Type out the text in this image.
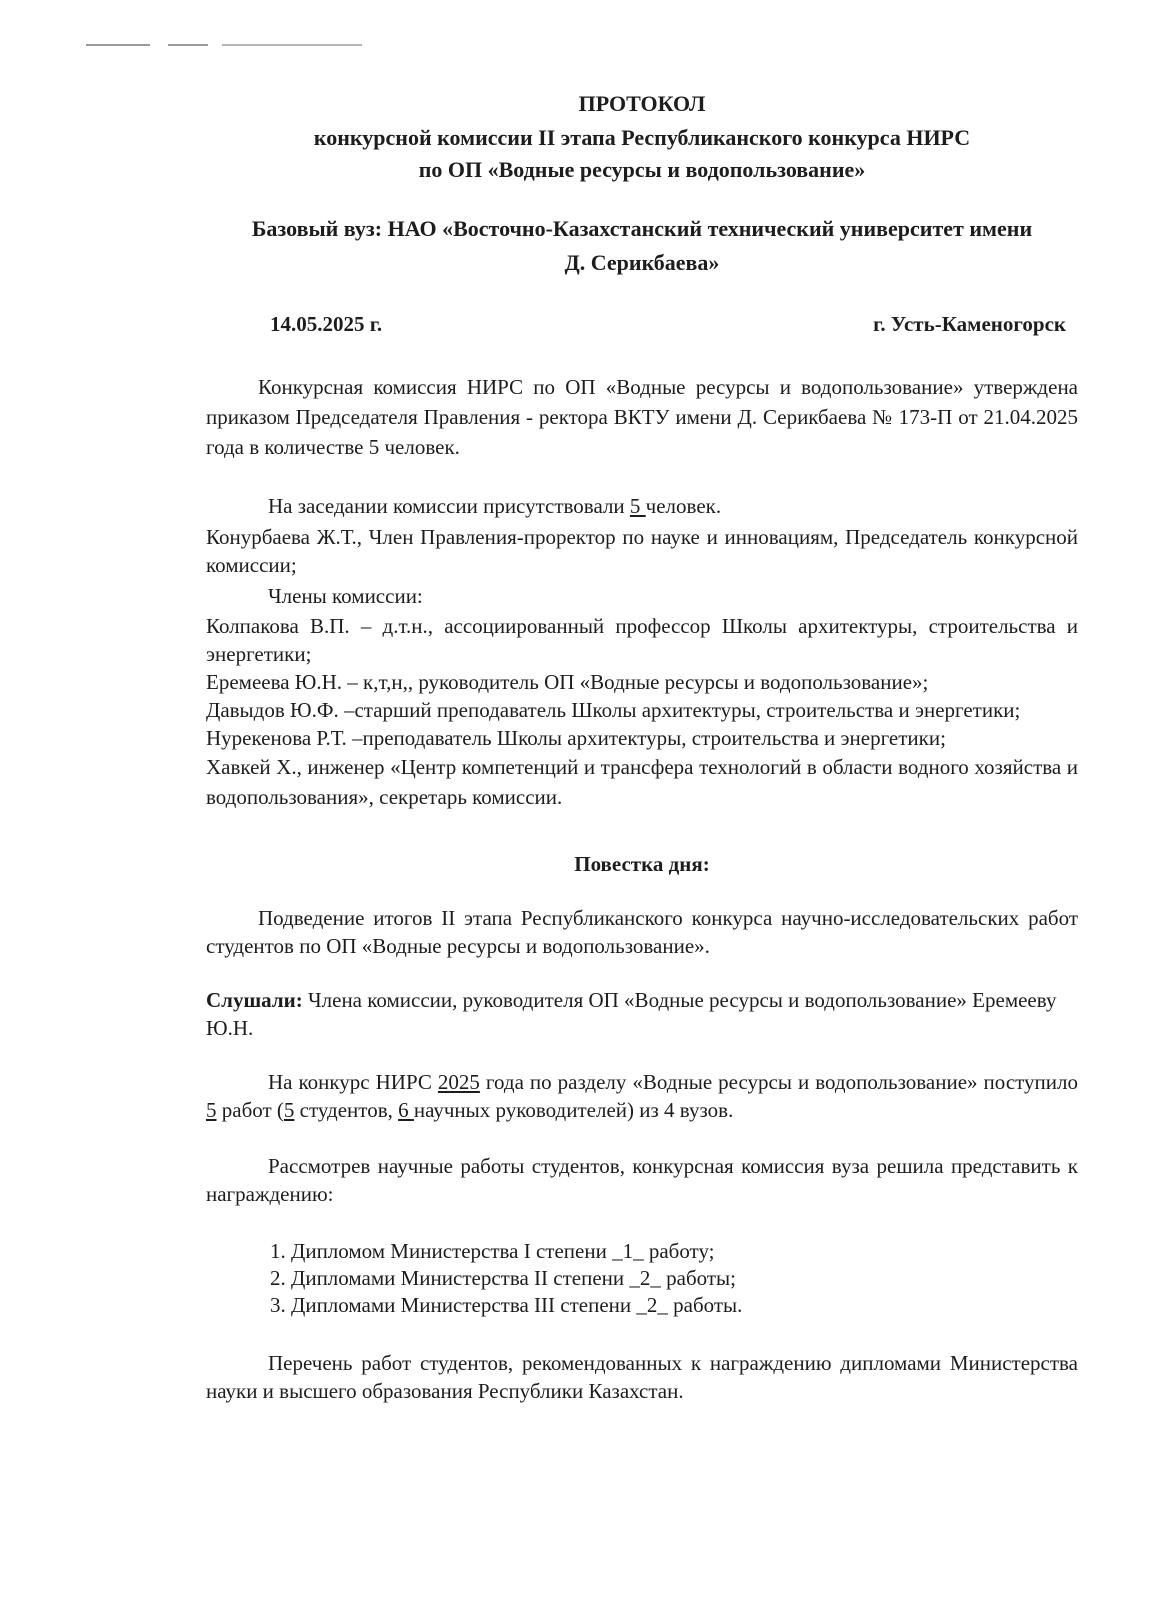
ПРОТОКОЛ
конкурсной комиссии II этапа Республиканского конкурса НИРС
по ОП «Водные ресурсы и водопользование»
Базовый вуз: НАО «Восточно-Казахстанский технический университет имени
Д. Серикбаева»
14.05.2025 г.	г. Усть-Каменогорск

Конкурсная комиссия НИРС по ОП «Водные ресурсы и водопользование» утверждена приказом Председателя Правления - ректора ВКТУ имени Д. Серикбаева № 173-П от 21.04.2025 года в количестве 5 человек.

На заседании комиссии присутствовали 5 человек.

Конурбаева Ж.Т., Член Правления-проректор по науке и инновациям, Председатель конкурсной комиссии;

Члены комиссии:

Колпакова В.П. – д.т.н., ассоциированный профессор Школы архитектуры, строительства и энергетики;

Еремеева Ю.Н. – к,т,н,, руководитель ОП «Водные ресурсы и водопользование»;

Давыдов Ю.Ф. –старший преподаватель Школы архитектуры, строительства и энергетики;

Нурекенова Р.Т. –преподаватель Школы архитектуры, строительства и энергетики;

Хавкей Х., инженер «Центр компетенций и трансфера технологий в области водного хозяйства и водопользования», секретарь комиссии.

Повестка дня:

Подведение итогов II этапа Республиканского конкурса научно-исследовательских работ студентов по ОП «Водные ресурсы и водопользование».

Слушали: Члена комиссии, руководителя ОП «Водные ресурсы и водопользование» Еремееву Ю.Н.

На конкурс НИРС 2025 года по разделу «Водные ресурсы и водопользование» поступило 5 работ (5 студентов, 6 научных руководителей) из 4 вузов.

Рассмотрев научные работы студентов, конкурсная комиссия вуза решила представить к награждению:

1. Дипломом Министерства I степени _1_ работу;
2. Дипломами Министерства II степени _2_ работы;
3. Дипломами Министерства III степени _2_ работы.

Перечень работ студентов, рекомендованных к награждению дипломами Министерства науки и высшего образования Республики Казахстан.
